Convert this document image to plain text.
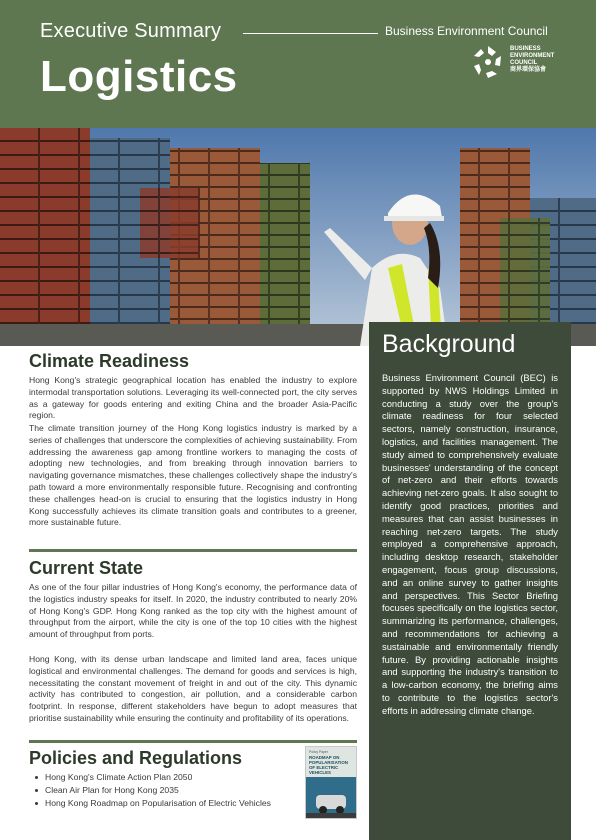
Executive Summary	Business Environment Council
Logistics
BUSINESS
ENVIRONMENT
COUNCIL
商界環保協會
Background

Business Environment Council (BEC) is supported by NWS Holdings Limited in conducting a study over the group's climate readiness for four selected sectors, namely construction, insurance, logistics, and facilities management. The study aimed to comprehensively evaluate businesses' understanding of the concept of net-zero and their efforts towards achieving net-zero goals. It also sought to identify good practices, priorities and measures that can assist businesses in reaching net-zero targets. The study employed a comprehensive approach, including desktop research, stakeholder engagement, focus group discussions, and an online survey to gather insights and perspectives. This Sector Briefing focuses specifically on the logistics sector, summarizing its performance, challenges, and recommendations for achieving a sustainable and environmentally friendly future. By providing actionable insights and supporting the industry's transition to a low-carbon economy, the briefing aims to contribute to the logistics sector's efforts in addressing climate change.

Climate Readiness
Hong Kong's strategic geographical location has enabled the industry to explore intermodal transportation solutions. Leveraging its well-connected port, the city serves as a gateway for goods entering and exiting China and the broader Asia-Pacific region.
The climate transition journey of the Hong Kong logistics industry is marked by a series of challenges that underscore the complexities of achieving sustainability. From addressing the awareness gap among frontline workers to managing the costs of adopting new technologies, and from breaking through innovation barriers to navigating governance mismatches, these challenges collectively shape the industry's path toward a more environmentally responsible future. Recognising and confronting these challenges head-on is crucial to ensuring that the logistics industry in Hong Kong successfully achieves its climate transition goals and contributes to a greener, more sustainable future.
Current State
As one of the four pillar industries of Hong Kong's economy, the performance data of the logistics industry speaks for itself. In 2020, the industry contributed to nearly 20% of Hong Kong's GDP. Hong Kong ranked as the top city with the highest amount of throughput from the airport, while the city is one of the top 10 cities with the highest amount of throughput from ports.
Hong Kong, with its dense urban landscape and limited land area, faces unique logistical and environmental challenges. The demand for goods and services is high, necessitating the constant movement of freight in and out of the city. This dynamic activity has contributed to congestion, air pollution, and a considerable carbon footprint. In response, different stakeholders have begun to adopt measures that prioritise sustainability while ensuring the continuity and profitability of its operations.
Policies and Regulations
Hong Kong's Climate Action Plan 2050
Clean Air Plan for Hong Kong 2035
Hong Kong Roadmap on Popularisation of Electric Vehicles
Policy Paper
ROADMAP ON POPULARISATION OF ELECTRIC VEHICLES
